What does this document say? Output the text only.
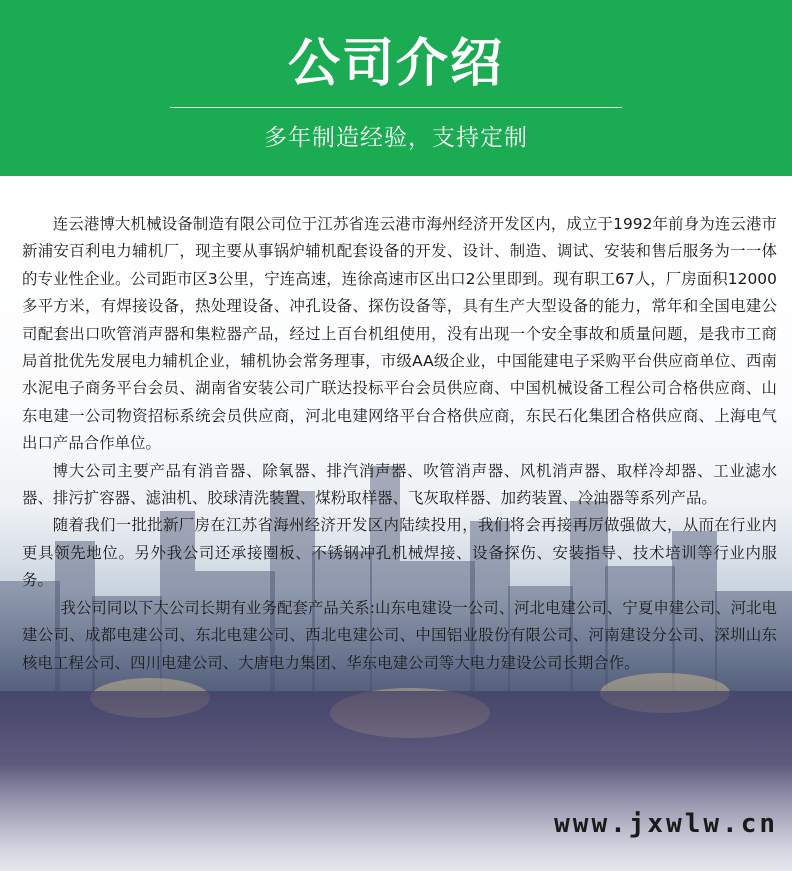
公司介绍
多年制造经验，支持定制

连云港博大机械设备制造有限公司位于江苏省连云港市海州经济开发区内，成立于1992年前身为连云港市新浦安百利电力辅机厂，现主要从事锅炉辅机配套设备的开发、设计、制造、调试、安装和售后服务为一一体的专业性企业。公司距市区3公里，宁连高速，连徐高速市区出口2公里即到。现有职工67人，厂房面积12000多平方米，有焊接设备，热处理设备、冲孔设备、探伤设备等，具有生产大型设备的能力，常年和全国电建公司配套出口吹管消声器和集粒器产品，经过上百台机组使用，没有出现一个安全事故和质量问题，是我市工商局首批优先发展电力辅机企业，辅机协会常务理事，市级AA级企业，中国能建电子采购平台供应商单位、西南水泥电子商务平台会员、湖南省安装公司广联达投标平台会员供应商、中国机械设备工程公司合格供应商、山东电建一公司物资招标系统会员供应商，河北电建网络平台合格供应商，东民石化集团合格供应商、上海电气出口产品合作单位。

博大公司主要产品有消音器、除氧器、排汽消声器、吹管消声器、风机消声器、取样冷却器、工业滤水器、排污扩容器、滤油机、胶球清洗装置、煤粉取样器、飞灰取样器、加药装置、冷油器等系列产品。

随着我们一批批新厂房在江苏省海州经济开发区内陆续投用，我们将会再接再厉做强做大，从而在行业内更具领先地位。另外我公司还承接圈板、不锈钢冲孔机械焊接、设备探伤、安装指导、技术培训等行业内服务。

我公司同以下大公司长期有业务配套产品关系:山东电建设一公司、河北电建公司、宁夏申建公司、河北电建公司、成都电建公司、东北电建公司、西北电建公司、中国铝业股份有限公司、河南建设分公司、深圳山东核电工程公司、四川电建公司、大唐电力集团、华东电建公司等大电力建设公司长期合作。

www.jxwlw.cn
